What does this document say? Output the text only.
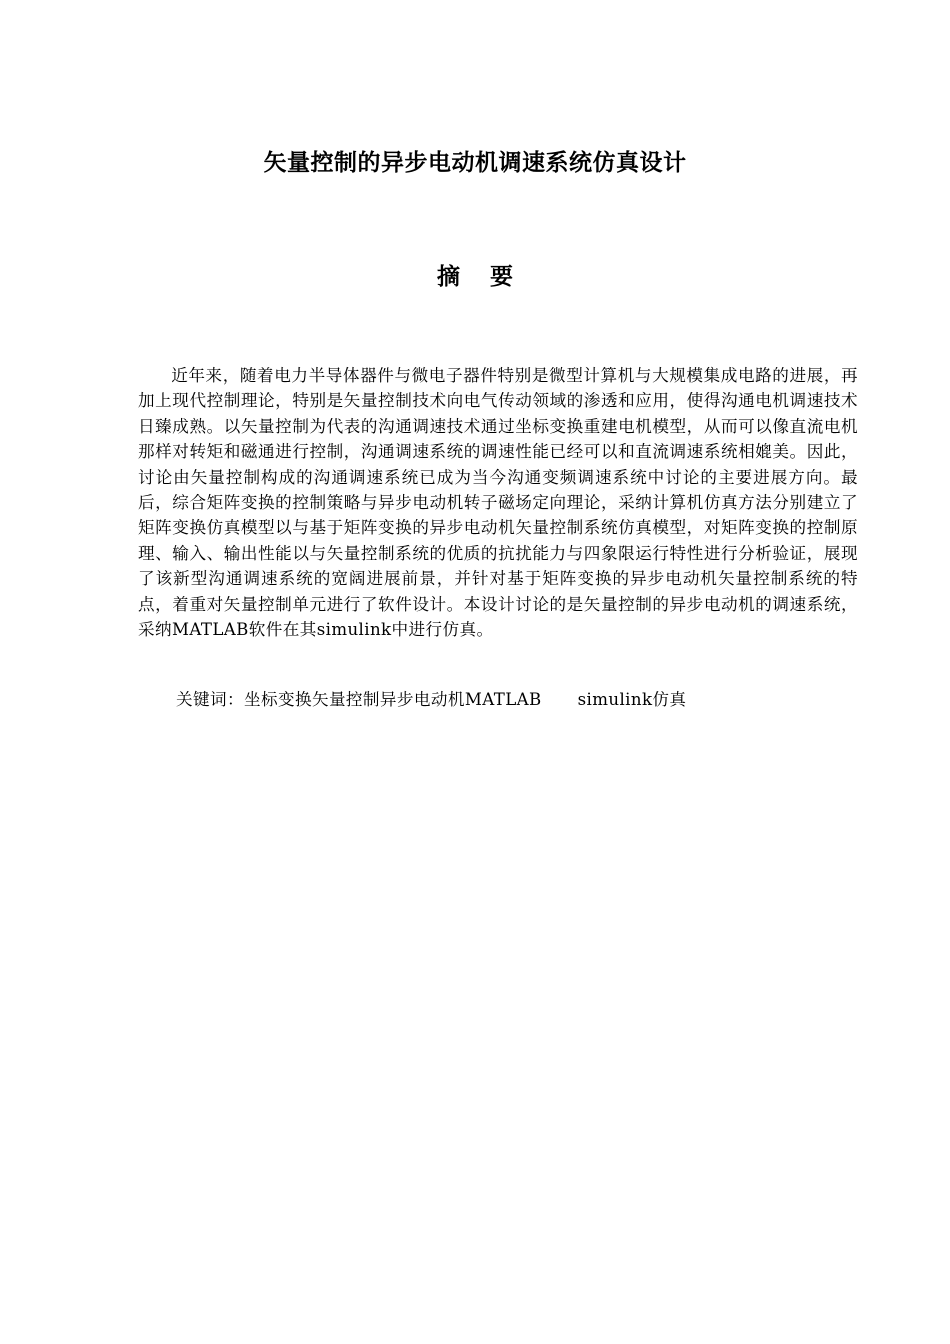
矢量控制的异步电动机调速系统仿真设计
摘 要

近年来，随着电力半导体器件与微电子器件特别是微型计算机与大规模集成电路的进展，再加上现代控制理论，特别是矢量控制技术向电气传动领域的渗透和应用，使得沟通电机调速技术日臻成熟。以矢量控制为代表的沟通调速技术通过坐标变换重建电机模型，从而可以像直流电机那样对转矩和磁通进行控制，沟通调速系统的调速性能已经可以和直流调速系统相媲美。因此，讨论由矢量控制构成的沟通调速系统已成为当今沟通变频调速系统中讨论的主要进展方向。最后，综合矩阵变换的控制策略与异步电动机转子磁场定向理论，采纳计算机仿真方法分别建立了矩阵变换仿真模型以与基于矩阵变换的异步电动机矢量控制系统仿真模型，对矩阵变换的控制原理、输入、输出性能以与矢量控制系统的优质的抗扰能力与四象限运行特性进行分析验证，展现了该新型沟通调速系统的宽阔进展前景，并针对基于矩阵变换的异步电动机矢量控制系统的特点，着重对矢量控制单元进行了软件设计。本设计讨论的是矢量控制的异步电动机的调速系统，采纳MATLAB软件在其simulink中进行仿真。

关键词：坐标变换矢量控制异步电动机MATLAB simulink仿真
